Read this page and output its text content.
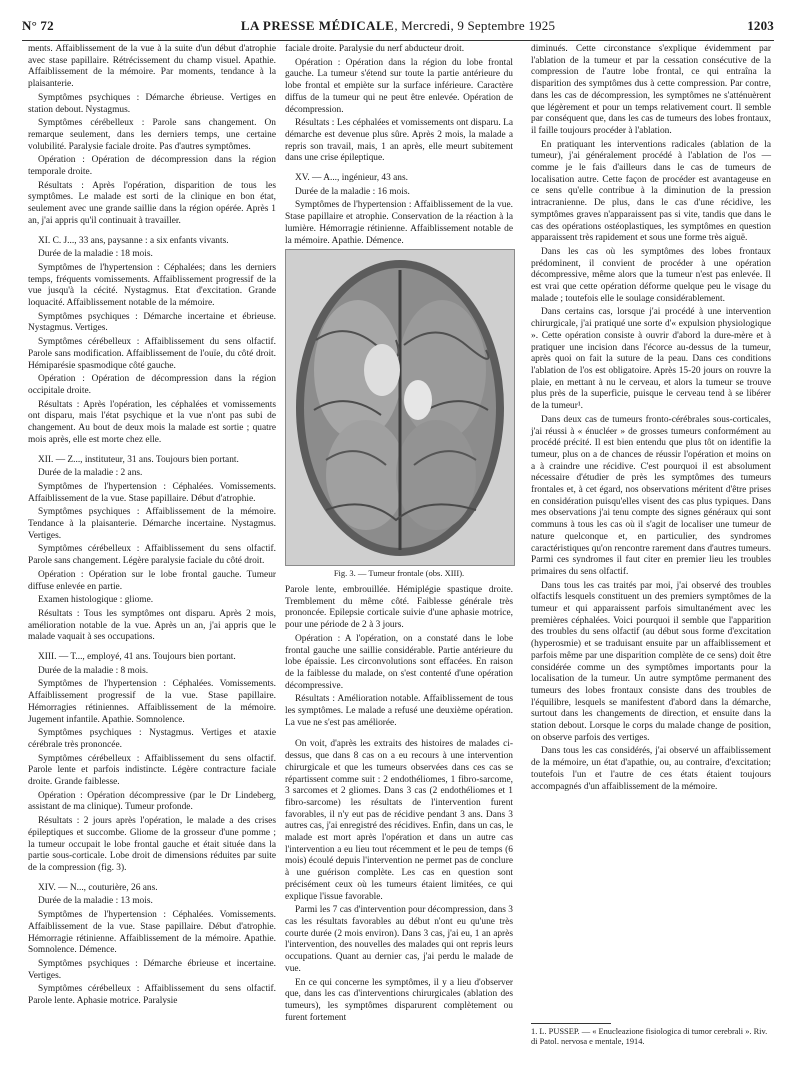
N° 72	LA PRESSE MÉDICALE, Mercredi, 9 Septembre 1925	1203

ments. Affaiblissement de la vue à la suite d'un début d'atrophie avec stase papillaire. Rétrécissement du champ visuel. Apathie. Affaiblissement de la mémoire. Par moments, tendance à la plaisanterie.

Symptômes psychiques : Démarche ébrieuse. Vertiges en station debout. Nystagmus.

Symptômes cérébelleux : Parole sans changement. On remarque seulement, dans les derniers temps, une certaine volubilité. Paralysie faciale droite. Pas d'autres symptômes.

Opération : Opération de décompression dans la région temporale droite.

Résultats : Après l'opération, disparition de tous les symptômes. Le malade est sorti de la clinique en bon état, seulement avec une grande saillie dans la région opérée. Après 1 an, j'ai appris qu'il continuait à travailler.

XI. C. J..., 33 ans, paysanne : a six enfants vivants.

Durée de la maladie : 18 mois.

Symptômes de l'hypertension : Céphalées; dans les derniers temps, fréquents vomissements. Affaiblissement progressif de la vue jusqu'à la cécité. Nystagmus. Etat d'excitation. Grande loquacité. Affaiblissement notable de la mémoire.

Symptômes psychiques : Démarche incertaine et ébrieuse. Nystagmus. Vertiges.

Symptômes cérébelleux : Affaiblissement du sens olfactif. Parole sans modification. Affaiblissement de l'ouïe, du côté droit. Hémiparésie spasmodique côté gauche.

Opération : Opération de décompression dans la région occipitale droite.

Résultats : Après l'opération, les céphalées et vomissements ont disparu, mais l'état psychique et la vue n'ont pas subi de changement. Au bout de deux mois la malade est sortie ; quatre mois après, elle est morte chez elle.

XII. — Z..., instituteur, 31 ans. Toujours bien portant.

Durée de la maladie : 2 ans.

Symptômes de l'hypertension : Céphalées. Vomissements. Affaiblissement de la vue. Stase papillaire. Début d'atrophie.

Symptômes psychiques : Affaiblissement de la mémoire. Tendance à la plaisanterie. Démarche incertaine. Nystagmus. Vertiges.

Symptômes cérébelleux : Affaiblissement du sens olfactif. Parole sans changement. Légère paralysie faciale du côté droit.

Opération : Opération sur le lobe frontal gauche. Tumeur diffuse enlevée en partie.

Examen histologique : gliome.

Résultats : Tous les symptômes ont disparu. Après 2 mois, amélioration notable de la vue. Après un an, j'ai appris que le malade vaquait à ses occupations.

XIII. — T..., employé, 41 ans. Toujours bien portant.

Durée de la maladie : 8 mois.

Symptômes de l'hypertension : Céphalées. Vomissements. Affaiblissement progressif de la vue. Stase papillaire. Hémorragies rétiniennes. Affaiblissement de la mémoire. Jugement infantile. Apathie. Somnolence.

Symptômes psychiques : Nystagmus. Vertiges et ataxie cérébrale très prononcée.

Symptômes cérébelleux : Affaiblissement du sens olfactif. Parole lente et parfois indistincte. Légère contracture faciale droite. Grande faiblesse.

Opération : Opération décompressive (par le Dr Lindeberg, assistant de ma clinique). Tumeur profonde.

Résultats : 2 jours après l'opération, le malade a des crises épileptiques et succombe. Gliome de la grosseur d'une pomme ; la tumeur occupait le lobe frontal gauche et était située dans la partie sous-corticale. Lobe droit de dimensions réduites par suite de la compression (fig. 3).

XIV. — N..., couturière, 26 ans.

Durée de la maladie : 13 mois.

Symptômes de l'hypertension : Céphalées. Vomissements. Affaiblissement de la vue. Stase papillaire. Début d'atrophie. Hémorragie rétinienne. Affaiblissement de la mémoire. Apathie. Somnolence. Démence.

Symptômes psychiques : Démarche ébrieuse et incertaine. Vertiges.

Symptômes cérébelleux : Affaiblissement du sens olfactif. Parole lente. Aphasie motrice. Paralysie

faciale droite. Paralysie du nerf abducteur droit.

Opération : Opération dans la région du lobe frontal gauche. La tumeur s'étend sur toute la partie antérieure du lobe frontal et empiète sur la surface inférieure. Caractère diffus de la tumeur qui ne peut être enlevée. Opération de décompression.

Résultats : Les céphalées et vomissements ont disparu. La démarche est devenue plus sûre. Après 2 mois, la malade a repris son travail, mais, 1 an après, elle meurt subitement dans une crise épileptique.

XV. — A..., ingénieur, 43 ans.

Durée de la maladie : 16 mois.

Symptômes de l'hypertension : Affaiblissement de la vue. Stase papillaire et atrophie. Conservation de la réaction à la lumière. Hémorragie rétinienne. Affaiblissement notable de la mémoire. Apathie. Démence.

Fig. 3. — Tumeur frontale (obs. XIII).

Parole lente, embrouillée. Hémiplégie spastique droite. Tremblement du même côté. Faiblesse générale très prononcée. Epilepsie corticale suivie d'une aphasie motrice, pour une période de 2 à 3 jours.

Opération : A l'opération, on a constaté dans le lobe frontal gauche une saillie considérable. Partie antérieure du lobe épaissie. Les circonvolutions sont effacées. En raison de la faiblesse du malade, on s'est contenté d'une opération décompressive.

Résultats : Amélioration notable. Affaiblissement de tous les symptômes. Le malade a refusé une deuxième opération. La vue ne s'est pas améliorée.

On voit, d'après les extraits des histoires de malades ci-dessus, que dans 8 cas on a eu recours à une intervention chirurgicale et que les tumeurs observées dans ces cas se répartissent comme suit : 2 endothéliomes, 1 fibro-sarcome, 3 sarcomes et 2 gliomes. Dans 3 cas (2 endothéliomes et 1 fibro-sarcome) les résultats de l'intervention furent favorables, il n'y eut pas de récidive pendant 3 ans. Dans 3 autres cas, j'ai enregistré des récidives. Enfin, dans un cas, le malade est mort après l'opération et dans un autre cas l'intervention a eu lieu tout récemment et le peu de temps (6 mois) écoulé depuis l'intervention ne permet pas de conclure à une guérison complète. Les cas en question sont précisément ceux où les tumeurs étaient limitées, ce qui explique l'issue favorable.

Parmi les 7 cas d'intervention pour décompression, dans 3 cas les résultats favorables au début n'ont eu qu'une très courte durée (2 mois environ). Dans 3 cas, j'ai eu, 1 an après l'intervention, des nouvelles des malades qui ont repris leurs occupations. Quant au dernier cas, j'ai perdu le malade de vue.

En ce qui concerne les symptômes, il y a lieu d'observer que, dans les cas d'interventions chirurgicales (ablation des tumeurs), les symptômes disparurent complètement ou furent fortement

diminués. Cette circonstance s'explique évidemment par l'ablation de la tumeur et par la cessation consécutive de la compression de l'autre lobe frontal, ce qui entraîna la disparition des symptômes dus à cette compression. Par contre, dans les cas de décompression, les symptômes ne s'atténuèrent que légèrement et pour un temps relativement court. Il semble par conséquent que, dans les cas de tumeurs des lobes frontaux, il faille toujours procéder à l'ablation.

En pratiquant les interventions radicales (ablation de la tumeur), j'ai généralement procédé à l'ablation de l'os — comme je le fais d'ailleurs dans le cas de tumeurs de localisation autre. Cette façon de procéder est avantageuse en ce sens qu'elle contribue à la diminution de la pression intracranienne. De plus, dans le cas d'une récidive, les symptômes graves n'apparaissent pas si vite, tandis que dans le cas des opérations ostéoplastiques, les symptômes en question apparaissent très rapidement et sous une forme très aiguë.

Dans les cas où les symptômes des lobes frontaux prédominent, il convient de procéder à une opération décompressive, même alors que la tumeur n'est pas enlevée. Il est vrai que cette opération déforme quelque peu le visage du malade ; toutefois elle le soulage considérablement.

Dans certains cas, lorsque j'ai procédé à une intervention chirurgicale, j'ai pratiqué une sorte d'« expulsion physiologique ». Cette opération consiste à ouvrir d'abord la dure-mère et à pratiquer une incision dans l'écorce au-dessus de la tumeur, après quoi on fait la suture de la peau. Dans ces conditions l'ablation de l'os est obligatoire. Après 15-20 jours on rouvre la plaie, en mettant à nu le cerveau, et alors la tumeur se trouve plus près de la superficie, puisque le cerveau tend à se libérer de la tumeur¹.

Dans deux cas de tumeurs fronto-cérébrales sous-corticales, j'ai réussi à « énucléer » de grosses tumeurs conformément au procédé précité. Il est bien entendu que plus tôt on identifie la tumeur, plus on a de chances de réussir l'opération et moins on a à craindre une récidive. C'est pourquoi il est absolument nécessaire d'étudier de près les symptômes des tumeurs frontales et, à cet égard, nos observations méritent d'être prises en considération puisqu'elles visent des cas plus typiques. Dans mes observations j'ai tenu compte des signes généraux qui sont communs à tous les cas où il s'agit de localiser une tumeur de nature quelconque et, en particulier, des syndromes caractéristiques qu'on rencontre rarement dans d'autres tumeurs. Parmi ces syndromes il faut citer en premier lieu les troubles primaires du sens olfactif.

Dans tous les cas traités par moi, j'ai observé des troubles olfactifs lesquels constituent un des premiers symptômes de la tumeur et qui apparaissent parfois simultanément avec les premières céphalées. Voici pourquoi il semble que l'apparition des troubles du sens olfactif (au début sous forme d'excitation (hyperosmie) et se traduisant ensuite par un affaiblissement et parfois même par une disparition complète de ce sens) doit être considérée comme un des symptômes importants pour la localisation de la tumeur. Un autre symptôme permanent des tumeurs des lobes frontaux consiste dans des troubles de l'équilibre, lesquels se manifestent d'abord dans la démarche, surtout dans les changements de direction, et ensuite dans la station debout. Lorsque le corps du malade change de position, on observe parfois des vertiges.

Dans tous les cas considérés, j'ai observé un affaiblissement de la mémoire, un état d'apathie, ou, au contraire, d'excitation; toutefois l'un et l'autre de ces états étaient toujours accompagnés d'un affaiblissement de la mémoire.

1. L. PUSSEP. — « Enucleazione fisiologica di tumor cerebrali ». Riv. di Patol. nervosa e mentale, 1914.
